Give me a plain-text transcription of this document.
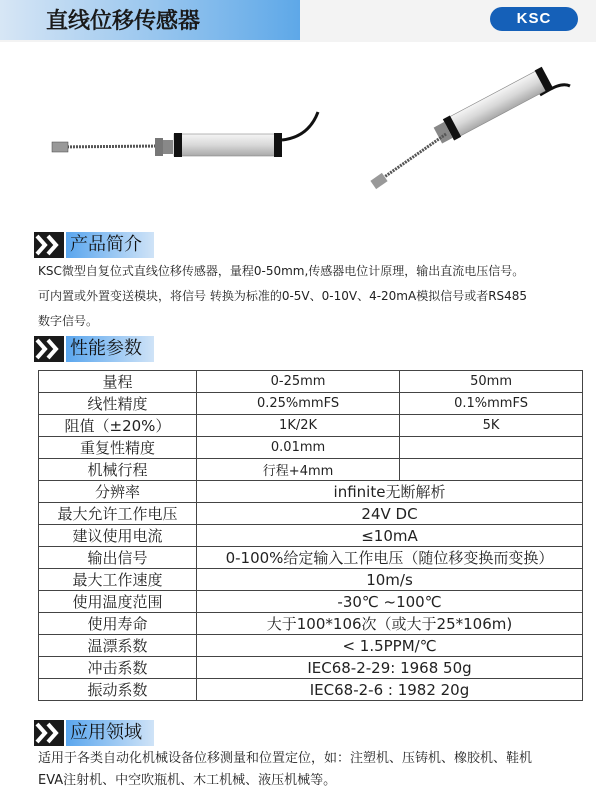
直线位移传感器	KSC
产品简介
KSC微型自复位式直线位移传感器，量程0-50mm,传感器电位计原理，输出直流电压信号。
可内置或外置变送模块，将信号 转换为标准的0-5V、0-10V、4-20mA模拟信号或者RS485
数字信号。
性能参数
量程	0-25mm	50mm
线性精度	0.25%mmFS	0.1%mmFS
阻值（±20%）	1K/2K	5K
重复性精度	0.01mm	
机械行程	行程+4mm	
分辨率	infinite无断解析	
最大允许工作电压	24V DC	
建议使用电流	≤10mA	
输出信号	0-100%给定输入工作电压（随位移变换而变换）	
最大工作速度	10m/s	
使用温度范围	-30℃ ~100℃	
使用寿命	大于100*106次（或大于25*106m)	
温漂系数	< 1.5PPM/℃	
冲击系数	IEC68-2-29: 1968 50g	
振动系数	IEC68-2-6 : 1982 20g	
应用领域
适用于各类自动化机械设备位移测量和位置定位，如：注塑机、压铸机、橡胶机、鞋机
EVA注射机、中空吹瓶机、木工机械、液压机械等。
